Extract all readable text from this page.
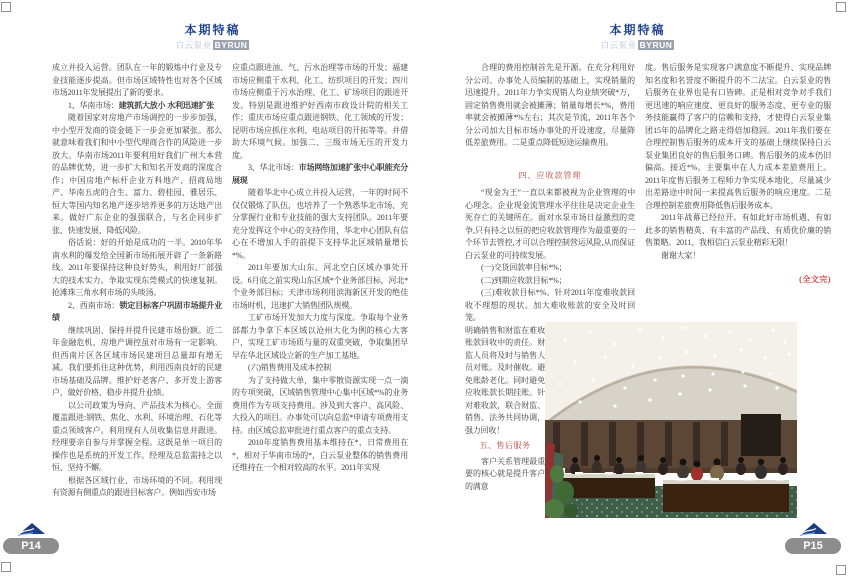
本期特稿
白云泵业 BYRUN

成立并投入运营。团队在一年的锻炼中行业及专业技能逐步提高。但市场区域特性也对各个区域市场2011年发展提出了新的要求。

1、华南市场：建筑抓大放小 水利迅速扩张

随着国家对房地产市场调控的一步步加强，中小型开发商的资金链下一步会更加紧张。那么就意味着我们和中小型代理商合作的风险进一步放大。华南市场2011年要利用好我们广州大本营的品牌优势，进一步扩大和知名开发商的深度合作；中国房地产标杆企业万科地产、招商局地产、华南五虎的合生、富力、碧桂园、雅居乐、恒大等国内知名地产逐步培养更多的万达地产出来。做好广东企业的强强联合，与名企同步扩张、快速发展、降低风险。

俗话说：好的开始是成功的一半。2010年华南水利的爆发给全国新市场拓展开辟了一条新路线。2011年要保持这种良好势头，利用好厂部强大的技术实力。争取实现东莞模式的快速复制。抢滩珠三角水利市场的头啖汤。

2、西南市场：锁定目标客户巩固市场提升业绩

继续巩固、保持并提升民建市场份额。近二年金融危机、房地产调控虽对市场有一定影响。但西南片区各区域市场民建项目总量却有增无减。我们要抓住这种优势，利用西南良好的民建市场基础及品牌。维护好老客户、多开发上游客户，做好价格、稳步并提升业绩。

以公司政策为导向、产品技术为核心。全面覆盖跟进:钢铁、焦化、水利、环境治理、石化等重点领域客户。利用现有人员收集信息并跟进。经理要亲自参与并掌握全程。这既是单一项目的操作也是系统的开发工作。经理及总监需持之以恒、坚持不懈。

根据各区域行业、市场环境的不同。利用现有资源有侧重点的跟进目标客户。例如西安市场

应重点跟进油、气、污水治理等市场的开发；福建市场应侧重于水利、化工、纺织项目的开发；四川市场应侧重于污水治理、化工、矿场项目的跟进开发。特别是跟进维护好西南市政设计院的相关工作；重庆市场应重点跟进钢铁、化工领域的开发；昆明市场应抓住水利、电站项目的开拓等等。并借助大环境气候。加强二、三级市场无压的开发力度。

3、华北市场：市场网络加速扩张中心职能充分展现

随着华北中心成立并投入运营，一年的时间不仅仅锻炼了队伍，也培养了一个熟悉华北市场、充分掌握行业和专业技能的强大支持团队。2011年要充分发挥这个中心的支持作用，华北中心团队有信心在不增加人手的前提下支持华北区域销量增长*%。

2011年要加大山东、河北空白区域办事处开设。6月底之前实现山东区域*个业务部目标，河北*个业务部目标；天津市场利用滨海新区开发的绝佳市场时机，迅速扩大销售团队规模。

工矿市场开发加大力度与深度。争取每个业务部都力争拿下本区域以沧州大化为例的核心大客户，实现工矿市场质与量的双重突破，争取集团早早在华北区域设立新的生产加工基地。

(六)销售费用及成本控制

为了支持做大单，集中零散资源实现一点一滴的专项突破，区域销售管理中心集中区域*%的业务费用作为专项支持费用。涉及到大客户、高风险、大投入的项目。办事处可以向总监*申请专项费用支持。由区域总监审批进行重点客户的重点支持。

2010年度销售费用基本维持在*，日常费用在*，相对于华南市场的*，白云泵业整体的销售费用还维持在一个相对较高的水平。2011年实现

P14
本期特稿
白云泵业 BYRUN

合理的费用控制首先是开源。在充分利用好分公司、办事处人员编制的基础上，实现销量的迅速提升。2011年力争实现销人均业绩突破*万，固定销售费用就会被摊薄；销量每增长*%，费用率就会被摊薄*%左右；其次是节流，2011年各个分公司加大目标市场办事处的开设速度，尽量降低差旅费用。二是重点降低短途运输费用。

四、应收款管理

“现金为王”一直以来都被视为企业管理的中心理念。企业现金流管理水平往往是决定企业生死存亡的关键所在。面对水泵市场日益激烈的竞争,只有持之以恒的把应收款管理作为最重要的一个环节去管控,才可以合理控制营运风险,从而保证白云泵业的可持续发展。

(一)交货回款率目标*%；

(二)到期应收款目标*%；

(三)难收款目标*%。针对2011年度难收款回收不理想的现状。加大难收账款的安全及时回笼。

明确销售和财监在难收账款回收中的责任。财监人员将及时与销售人员对账。及时催收。避免账龄老化。同时避免应收账款长期挂账。针对难收款，联合财监、销售、法务共同协调，强力回收！

五、售后服务

客户关系管理最重要的核心就是提升客户的满意

度。售后服务是实现客户满意度不断提升、实现品牌知名度和名誉度不断提升的不二法宝。白云泵业的售后服务在业界也是有口皆碑。正是相对竞争对手我们更迅速的响应速度、更良好的服务态度、更专业的服务技能赢得了客户的信赖和支持，才使得白云泵业集团15年的品牌化之路走得倍加稳固。2011年我们要在合理控制售后服务的成本开支的基础上继续保持白云泵业集团良好的售后服务口碑。售后服务的成本仍旧偏高。接近*%。主要集中在人力成本差旅费用上。2011年度售后服务工程师力争实现本地化，尽量减少出差路途中时间一来提高售后服务的响应速度。二是合理控制差旅费用降低售后服务成本。

2011年战幕已经拉开。有如此好市场机遇、有如此多的销售精英、有丰富的产品线、有质优价廉的销售策略。2011、我相信白云泵业精彩无限！

谢谢大家！

(全文完)

P15
